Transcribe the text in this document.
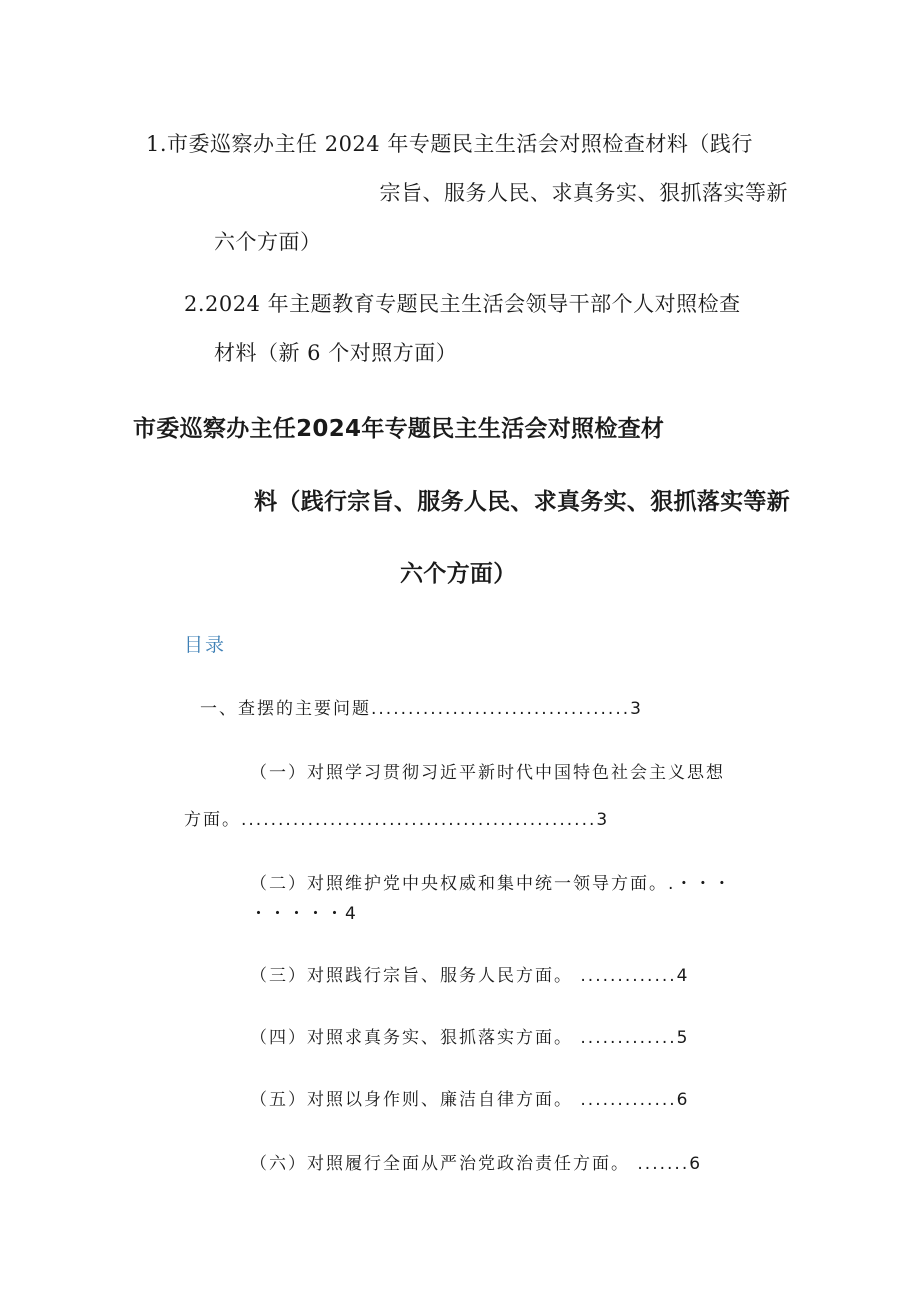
1.市委巡察办主任 2024 年专题民主生活会对照检查材料（践行
宗旨、服务人民、求真务实、狠抓落实等新
六个方面）
2.2024 年主题教育专题民主生活会领导干部个人对照检查
材料（新 6 个对照方面）
市委巡察办主任2024年专题民主生活会对照检查材
料（践行宗旨、服务人民、求真务实、狠抓落实等新
六个方面）
目录
一、查摆的主要问题...................................3
（一）对照学习贯彻习近平新时代中国特色社会主义思想
方面。................................................3
（二）对照维护党中央权威和集中统一领导方面。.・・・
・・・・・4
（三）对照践行宗旨、服务人民方面。 .............4
（四）对照求真务实、狠抓落实方面。 .............5
（五）对照以身作则、廉洁自律方面。 .............6
（六）对照履行全面从严治党政治责任方面。 .......6
